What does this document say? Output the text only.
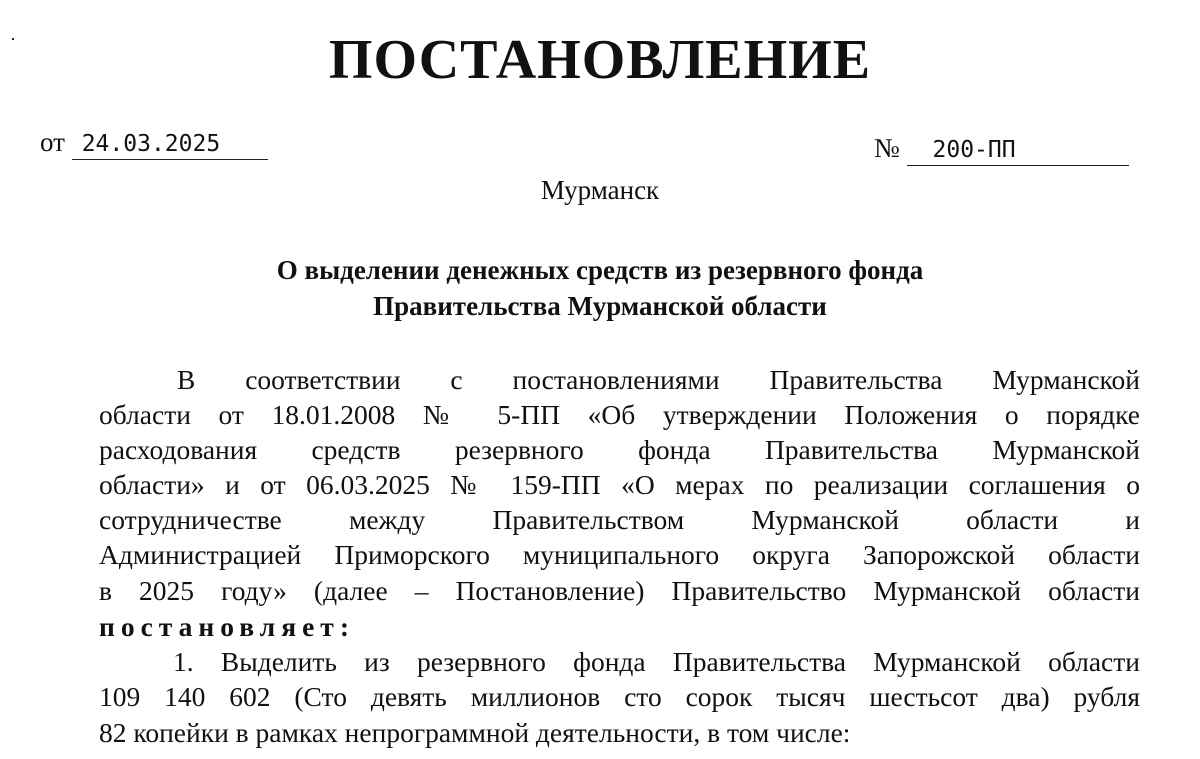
ПОСТАНОВЛЕНИЕ
от 24.03.2025	№ 200-ПП
Мурманск
О выделении денежных средств из резервного фонда
Правительства Мурманской области
В соответствии с постановлениями Правительства Мурманской
области от 18.01.2008 № 5-ПП «Об утверждении Положения о порядке
расходования средств резервного фонда Правительства Мурманской
области» и от 06.03.2025 № 159-ПП «О мерах по реализации соглашения о
сотрудничестве между Правительством Мурманской области и
Администрацией Приморского муниципального округа Запорожской области
в 2025 году» (далее – Постановление) Правительство Мурманской области
постановляет:
1. Выделить из резервного фонда Правительства Мурманской области
109 140 602 (Сто девять миллионов сто сорок тысяч шестьсот два) рубля
82 копейки в рамках непрограммной деятельности, в том числе:
